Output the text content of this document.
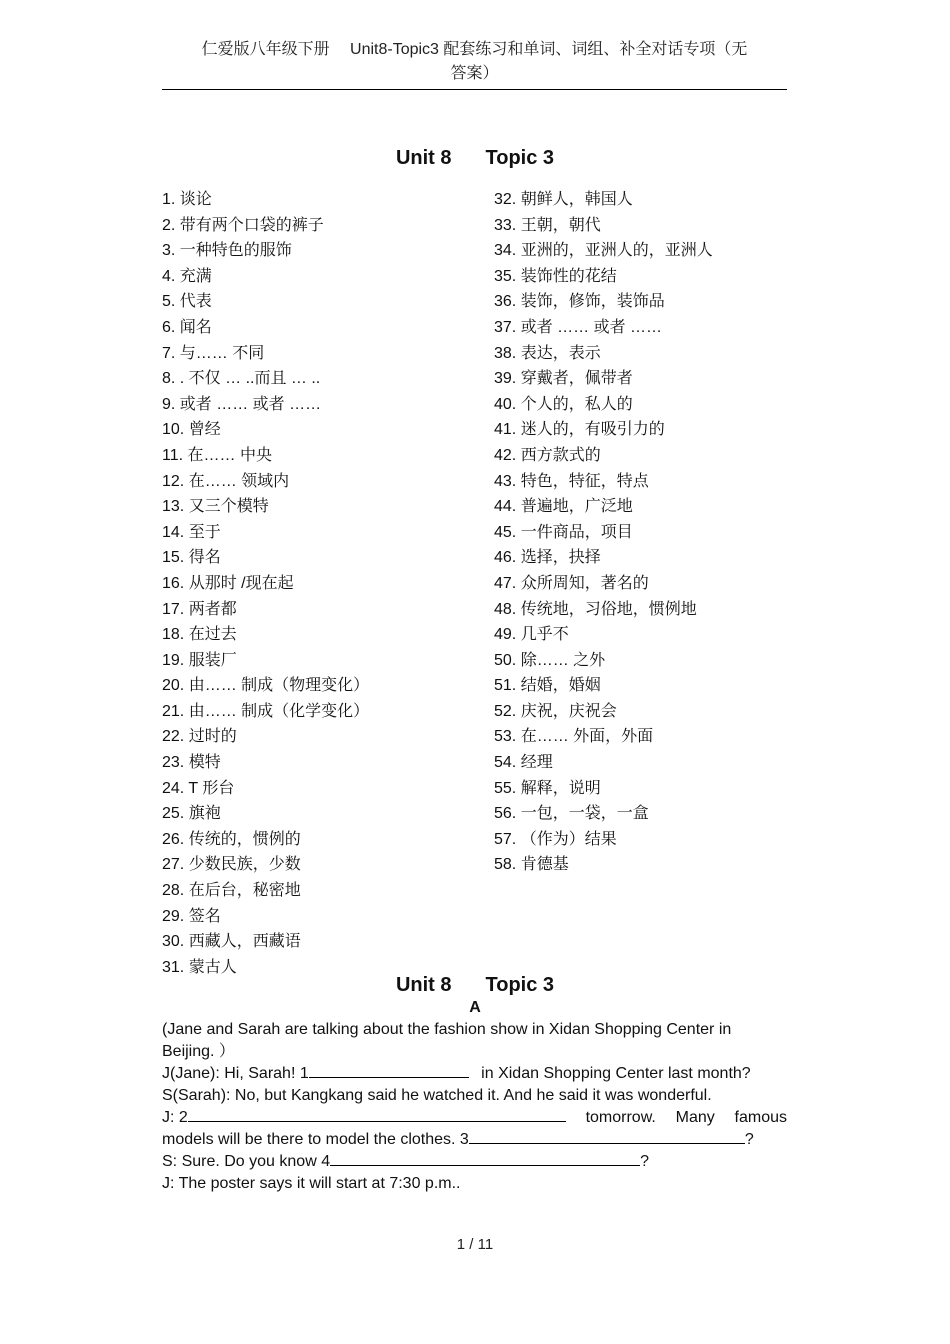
仁爱版八年级下册　 Unit8-Topic3 配套练习和单词、词组、补全对话专项（无
答案）
Unit 8 Topic 3
1. 谈论
2. 带有两个口袋的裤子
3. 一种特色的服饰
4. 充满
5. 代表
6. 闻名
7. 与…… 不同
8. . 不仅 … ..而且 … ..
9. 或者 …… 或者 ……
10. 曾经
11. 在…… 中央
12. 在…… 领域内
13. 又三个模特
14. 至于
15. 得名
16. 从那时 /现在起
17. 两者都
18. 在过去
19. 服装厂
20. 由…… 制成（物理变化）
21. 由…… 制成（化学变化）
22. 过时的
23. 模特
24. T 形台
25. 旗袍
26. 传统的，惯例的
27. 少数民族，少数
28. 在后台，秘密地
29. 签名
30. 西藏人，西藏语
31. 蒙古人
32. 朝鲜人，韩国人
33. 王朝，朝代
34. 亚洲的，亚洲人的，亚洲人
35. 装饰性的花结
36. 装饰，修饰，装饰品
37. 或者 …… 或者 ……
38. 表达，表示
39. 穿戴者，佩带者
40. 个人的，私人的
41. 迷人的，有吸引力的
42. 西方款式的
43. 特色，特征，特点
44. 普遍地，广泛地
45. 一件商品，项目
46. 选择，抉择
47. 众所周知，著名的
48. 传统地，习俗地，惯例地
49. 几乎不
50. 除…… 之外
51. 结婚，婚姻
52. 庆祝，庆祝会
53. 在…… 外面，外面
54. 经理
55. 解释，说明
56. 一包，一袋，一盒
57. （作为）结果
58. 肯德基
Unit 8 Topic 3
A
(Jane and Sarah are talking about the fashion show in Xidan Shopping Center in
Beijing. ）
J(Jane): Hi, Sarah! 1	in Xidan Shopping Center last month?
S(Sarah): No, but Kangkang said he watched it. And he said it was wonderful.
J: 2	tomorrow. Many famous
models will be there to model the clothes. 3	?
S: Sure. Do you know 4	?
J: The poster says it will start at 7:30 p.m..
1 / 11
